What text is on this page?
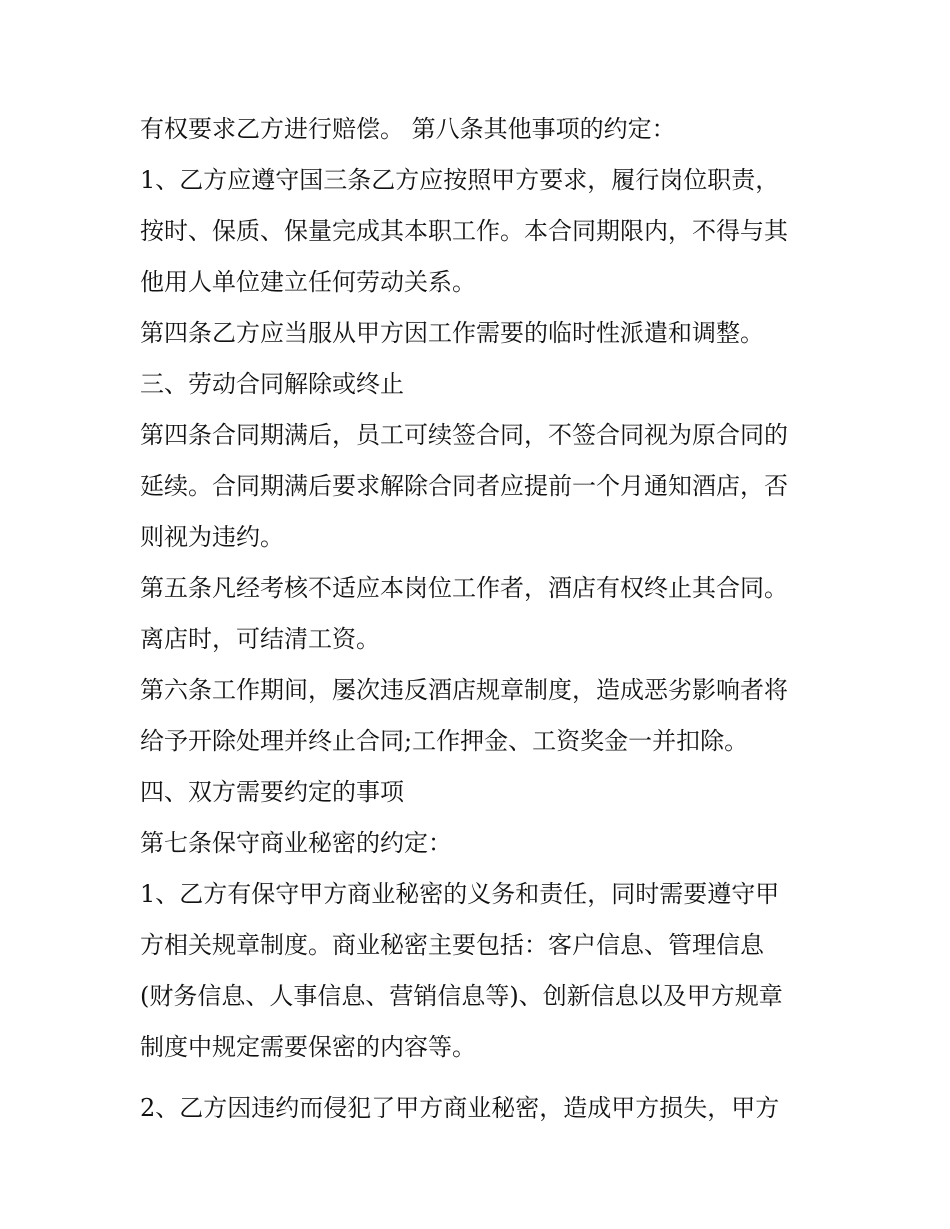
有权要求乙方进行赔偿。 第八条其他事项的约定：
1、乙方应遵守国三条乙方应按照甲方要求，履行岗位职责，
按时、保质、保量完成其本职工作。本合同期限内，不得与其
他用人单位建立任何劳动关系。
第四条乙方应当服从甲方因工作需要的临时性派遣和调整。
三、劳动合同解除或终止
第四条合同期满后，员工可续签合同，不签合同视为原合同的
延续。合同期满后要求解除合同者应提前一个月通知酒店，否
则视为违约。
第五条凡经考核不适应本岗位工作者，酒店有权终止其合同。
离店时，可结清工资。
第六条工作期间，屡次违反酒店规章制度，造成恶劣影响者将
给予开除处理并终止合同;工作押金、工资奖金一并扣除。
四、双方需要约定的事项
第七条保守商业秘密的约定：
1、乙方有保守甲方商业秘密的义务和责任，同时需要遵守甲
方相关规章制度。商业秘密主要包括：客户信息、管理信息
(财务信息、人事信息、营销信息等)、创新信息以及甲方规章
制度中规定需要保密的内容等。
2、乙方因违约而侵犯了甲方商业秘密，造成甲方损失，甲方
